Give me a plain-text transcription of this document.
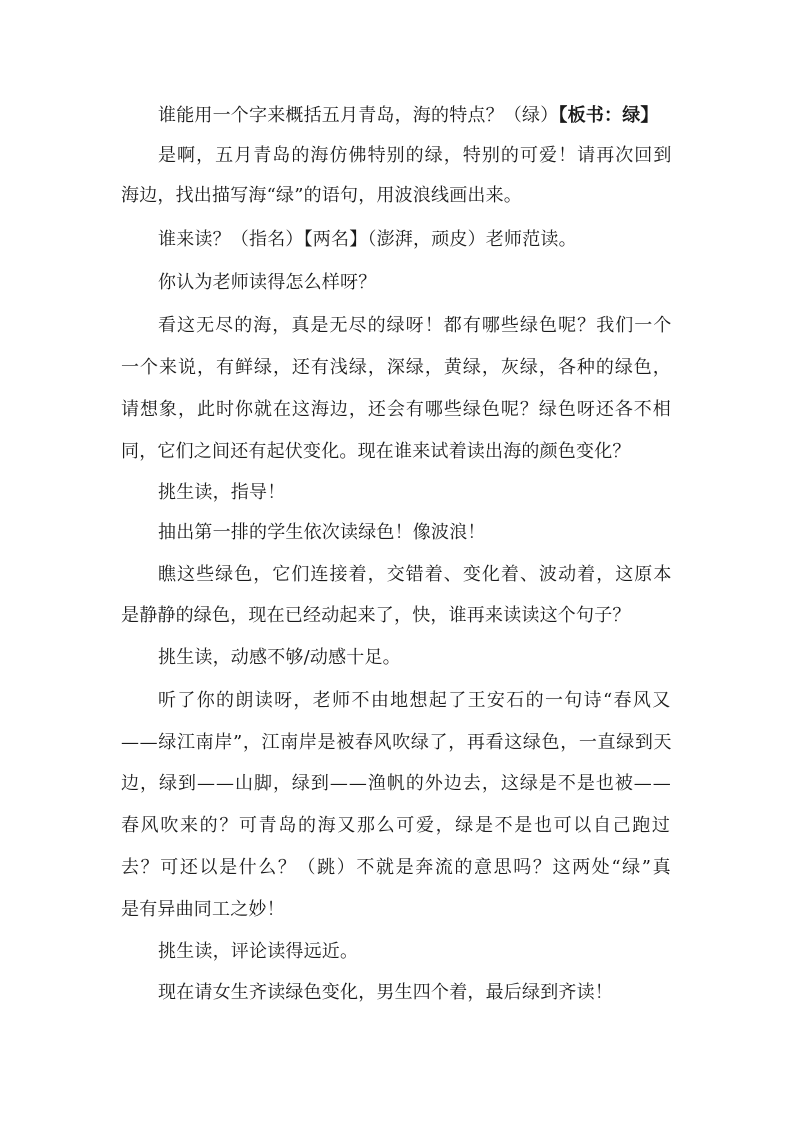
谁能用一个字来概括五月青岛，海的特点？（绿）【板书：绿】
是啊，五月青岛的海仿佛特别的绿，特别的可爱！请再次回到
海边，找出描写海“绿”的语句，用波浪线画出来。
谁来读？（指名）【两名】（澎湃，顽皮）老师范读。
你认为老师读得怎么样呀？
看这无尽的海，真是无尽的绿呀！都有哪些绿色呢？我们一个
一个来说，有鲜绿，还有浅绿，深绿，黄绿，灰绿，各种的绿色，
请想象，此时你就在这海边，还会有哪些绿色呢？绿色呀还各不相
同，它们之间还有起伏变化。现在谁来试着读出海的颜色变化？
挑生读，指导！
抽出第一排的学生依次读绿色！像波浪！
瞧这些绿色，它们连接着，交错着、变化着、波动着，这原本
是静静的绿色，现在已经动起来了，快，谁再来读读这个句子？
挑生读，动感不够/动感十足。
听了你的朗读呀，老师不由地想起了王安石的一句诗“春风又
——绿江南岸”，江南岸是被春风吹绿了，再看这绿色，一直绿到天
边，绿到——山脚，绿到——渔帆的外边去，这绿是不是也被——
春风吹来的？可青岛的海又那么可爱，绿是不是也可以自己跑过
去？可还以是什么？（跳）不就是奔流的意思吗？这两处“绿”真
是有异曲同工之妙！
挑生读，评论读得远近。
现在请女生齐读绿色变化，男生四个着，最后绿到齐读！
